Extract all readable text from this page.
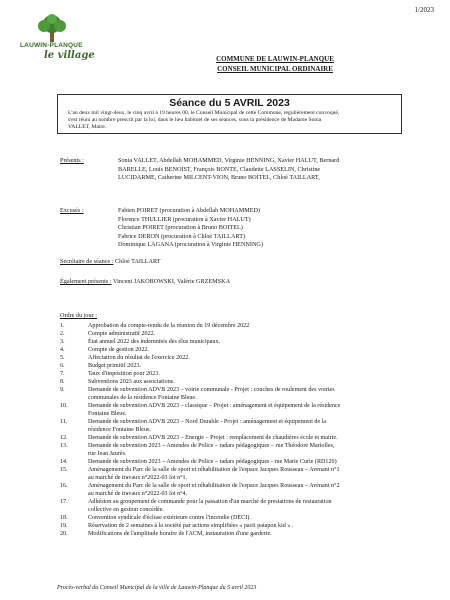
1/2023
LAUWIN-PLANQUE
le village	COMMUNE DE LAUWIN-PLANQUE
CONSEIL MUNICIPAL ORDINAIRE
Séance du 5 AVRIL 2023
L'an deux mil vingt-deux, le cinq avril à 19 heures 00, le Conseil Municipal de cette Commune, régulièrement convoqué,
s'est réuni au nombre prescrit par la loi, dans le lieu habituel de ses séances, sous la présidence de Madame Sonia
VALLET, Maire.
Présents :	Sonia VALLET, Abdellah MOHAMMED, Virginie HENNING, Xavier HALUT, Bernard
BARELLE, Louis BENOIST, François BONTE, Claudette LASSELIN, Christine
LUCIDARME, Catherine MILCENT-VION, Bruno BOITEL, Chloé TAILLART,
Excusés :	Fabien POIRET (procuration à Abdellah MOHAMMED)
Florence THULLIER (procuration à Xavier HALUT)
Christian POIRET (procuration à Bruno BOITEL)
Fabrice DERON (procuration à Chloé TAILLART)
Dominique LAGANA (procuration à Virginie HENNING)
Secrétaire de séance : Chloé TAILLART
Également présents : Vincent JAKOBOWSKI, Valérie GRZEMSKA
Ordre du jour :
1.	Approbation du compte-rendu de la réunion du 19 décembre 2022
2.	Compte administratif 2022.
3.	État annuel 2022 des indemnités des élus municipaux.
4.	Compte de gestion 2022.
5.	Affectation du résultat de l'exercice 2022.
6.	Budget primitif 2023.
7.	Taux d'imposition pour 2023.
8.	Subventions 2023 aux associations.
9.	Demande de subvention ADVB 2023 – voirie communale - Projet : couches de roulement des voiries
communales de la résidence Fontaine Bleue.
10.	Demande de subvention ADVB 2023 – classique – Projet : aménagement et équipement de la résidence
Fontaine Bleue.
11.	Demande de subvention ADVB 2023 – Nord Durable - Projet : aménagement et équipement de la
résidence Fontaine Bleue.
12.	Demande de subvention ADVB 2023 – Energie – Projet : remplacement de chaudières école et mairie.
13.	Demande de subvention 2023 – Amendes de Police – radars pédagogiques – rue Théodore Mariolles,
rue Jean Jaurès.
14.	Demande de subvention 2023 – Amendes de Police – radars pédagogiques - rue Marie Curie (RD120)
15.	Aménagement du Parc de la salle de sport et réhabilitation de l'espace Jacques Rousseau – Avenant n°1
au marché de travaux n°2022-03 lot n°1.
16.	Aménagement du Parc de la salle de sport et réhabilitation de l'espace Jacques Rousseau – Avenant n°2
au marché de travaux n°2022-03 lot n°4.
17.	Adhésion au groupement de commande pour la passation d'un marché de prestations de restauration
collective en gestion concédée.
18.	Convention syndicale d'écluse extérieure contre l'incendie (DECI).
19.	Réservation de 2 semaines à la société par actions simplifiées « pacti patapon kid » .
20.	Modifications de l'amplitude horaire de l'ACM, instauration d'une garderie.
Procès-verbal du Conseil Municipal de la ville de Lauwin-Planque du 5 avril 2023
